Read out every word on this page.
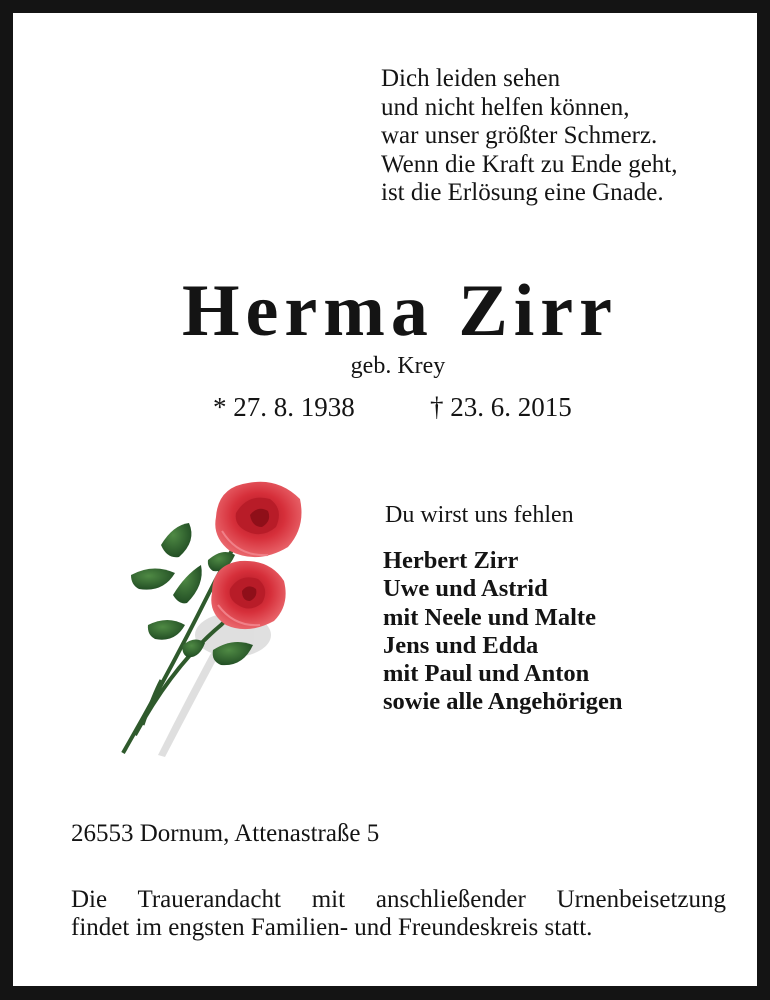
Dich leiden sehen
und nicht helfen können,
war unser größter Schmerz.
Wenn die Kraft zu Ende geht,
ist die Erlösung eine Gnade.
Herma Zirr
geb. Krey
* 27. 8. 1938	† 23. 6. 2015
Du wirst uns fehlen
Herbert Zirr
Uwe und Astrid
mit Neele und Malte
Jens und Edda
mit Paul und Anton
sowie alle Angehörigen
26553 Dornum, Attenastraße 5
Die Trauerandacht mit anschließender Urnenbeisetzung
findet im engsten Familien- und Freundeskreis statt.
